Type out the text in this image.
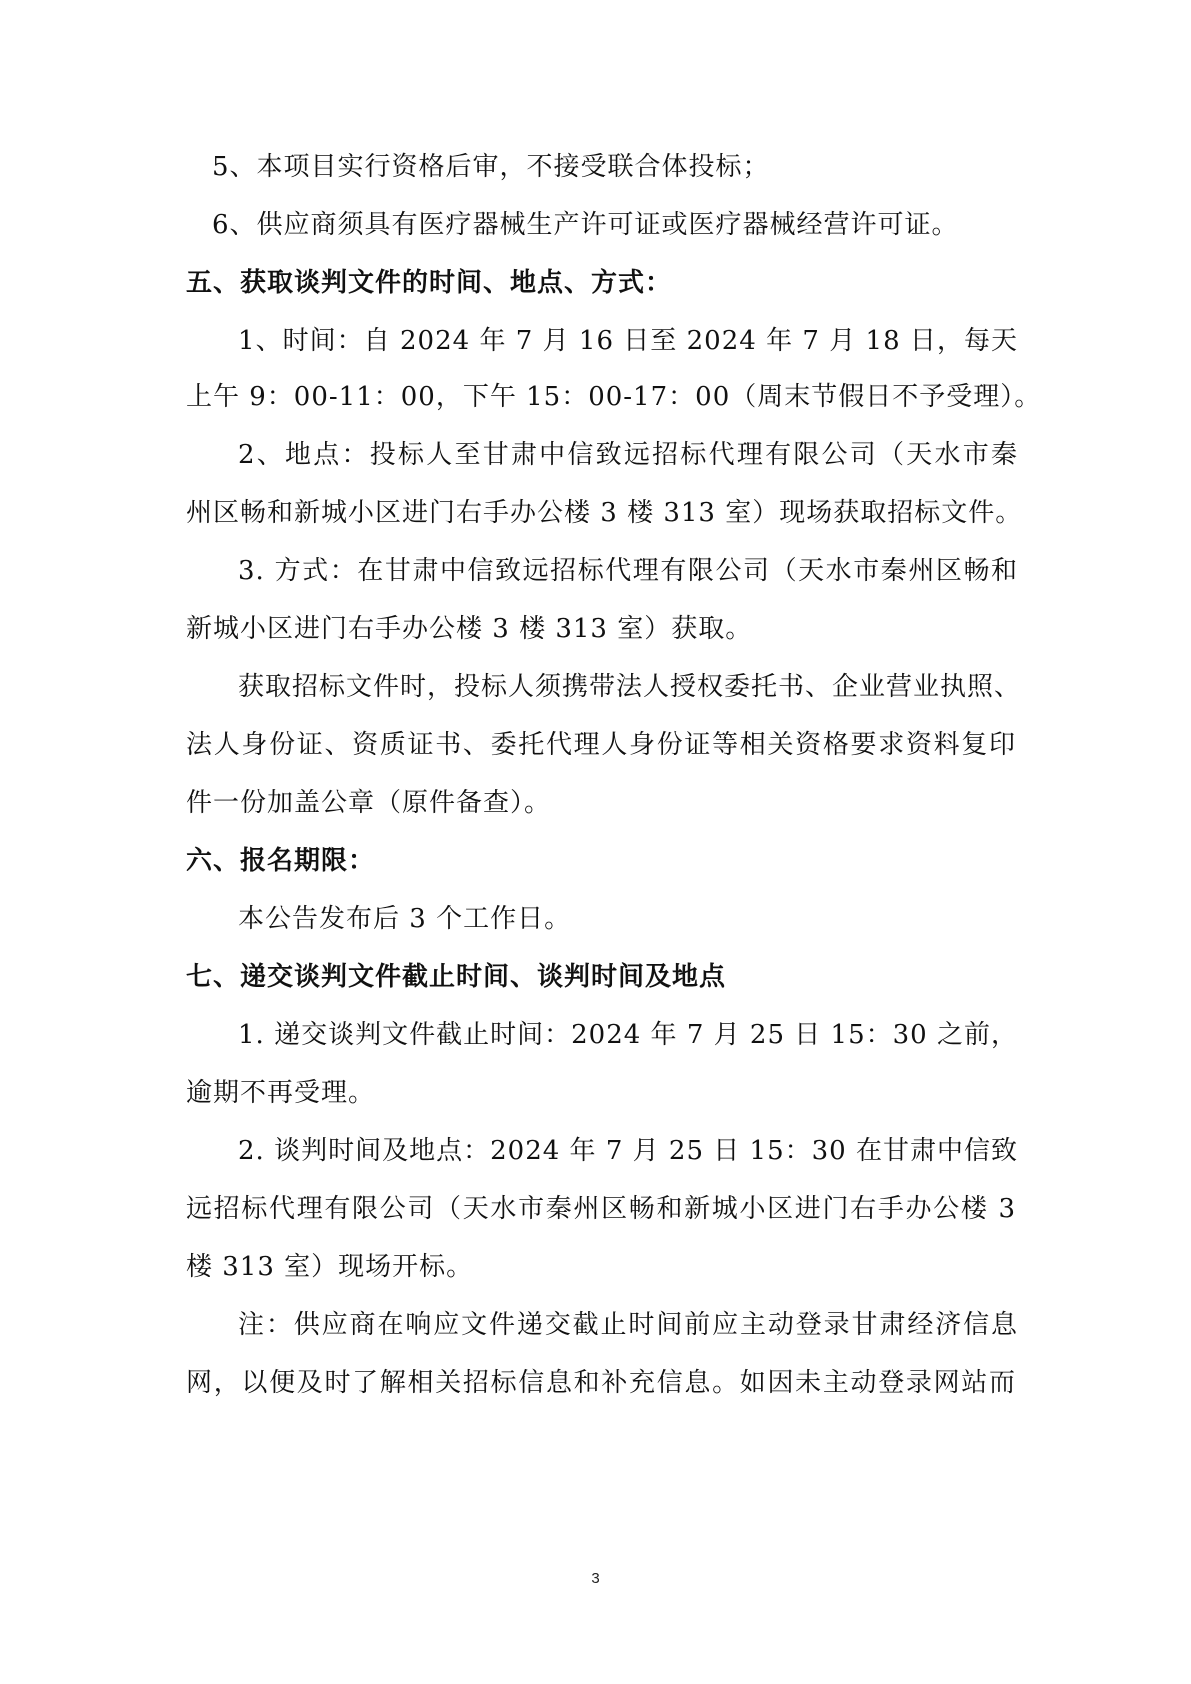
5、本项目实行资格后审，不接受联合体投标；
6、供应商须具有医疗器械生产许可证或医疗器械经营许可证。
五、获取谈判文件的时间、地点、方式：
1、时间：自 2024 年 7 月 16 日至 2024 年 7 月 18 日，每天
上午 9：00-11：00，下午 15：00-17：00（周末节假日不予受理）。
2、地点：投标人至甘肃中信致远招标代理有限公司（天水市秦
州区畅和新城小区进门右手办公楼 3 楼 313 室）现场获取招标文件。
3. 方式：在甘肃中信致远招标代理有限公司（天水市秦州区畅和
新城小区进门右手办公楼 3 楼 313 室）获取。
获取招标文件时，投标人须携带法人授权委托书、企业营业执照、
法人身份证、资质证书、委托代理人身份证等相关资格要求资料复印
件一份加盖公章（原件备查）。
六、报名期限：
本公告发布后 3 个工作日。
七、递交谈判文件截止时间、谈判时间及地点
1. 递交谈判文件截止时间：2024 年 7 月 25 日 15：30 之前，
逾期不再受理。
2. 谈判时间及地点：2024 年 7 月 25 日 15：30 在甘肃中信致
远招标代理有限公司（天水市秦州区畅和新城小区进门右手办公楼 3
楼 313 室）现场开标。
注：供应商在响应文件递交截止时间前应主动登录甘肃经济信息
网，以便及时了解相关招标信息和补充信息。如因未主动登录网站而
3
